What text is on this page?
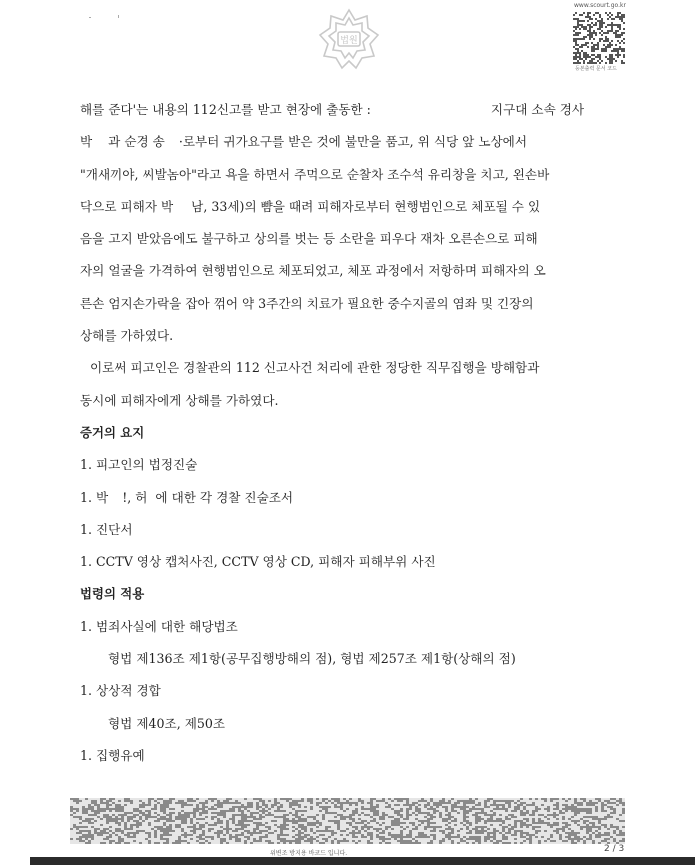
www.scourt.go.kr
법원
등본출력 문서 코드
해를 준다'는 내용의 112신고를 받고 현장에 출동한 :	지구대 소속 경사
박 과 순경 송 ·로부터 귀가요구를 받은 것에 불만을 품고, 위 식당 앞 노상에서
"개새끼야, 씨발놈아"라고 욕을 하면서 주먹으로 순찰차 조수석 유리창을 치고, 왼손바
닥으로 피해자 박 남, 33세)의 뺨을 때려 피해자로부터 현행범인으로 체포될 수 있
음을 고지 받았음에도 불구하고 상의를 벗는 등 소란을 피우다 재차 오른손으로 피해
자의 얼굴을 가격하여 현행범인으로 체포되었고, 체포 과정에서 저항하며 피해자의 오
른손 엄지손가락을 잡아 꺾어 약 3주간의 치료가 필요한 중수지골의 염좌 및 긴장의
상해를 가하였다.
이로써 피고인은 경찰관의 112 신고사건 처리에 관한 정당한 직무집행을 방해함과
동시에 피해자에게 상해를 가하였다.
증거의 요지
1. 피고인의 법정진술
1. 박 !, 허 에 대한 각 경찰 진술조서
1. 진단서
1. CCTV 영상 캡처사진, CCTV 영상 CD, 피해자 피해부위 사진
법령의 적용
1. 범죄사실에 대한 해당법조
형법 제136조 제1항(공무집행방해의 점), 형법 제257조 제1항(상해의 점)
1. 상상적 경합
형법 제40조, 제50조
1. 집행유예
위변조 방지용 바코드 입니다.	2 / 3
